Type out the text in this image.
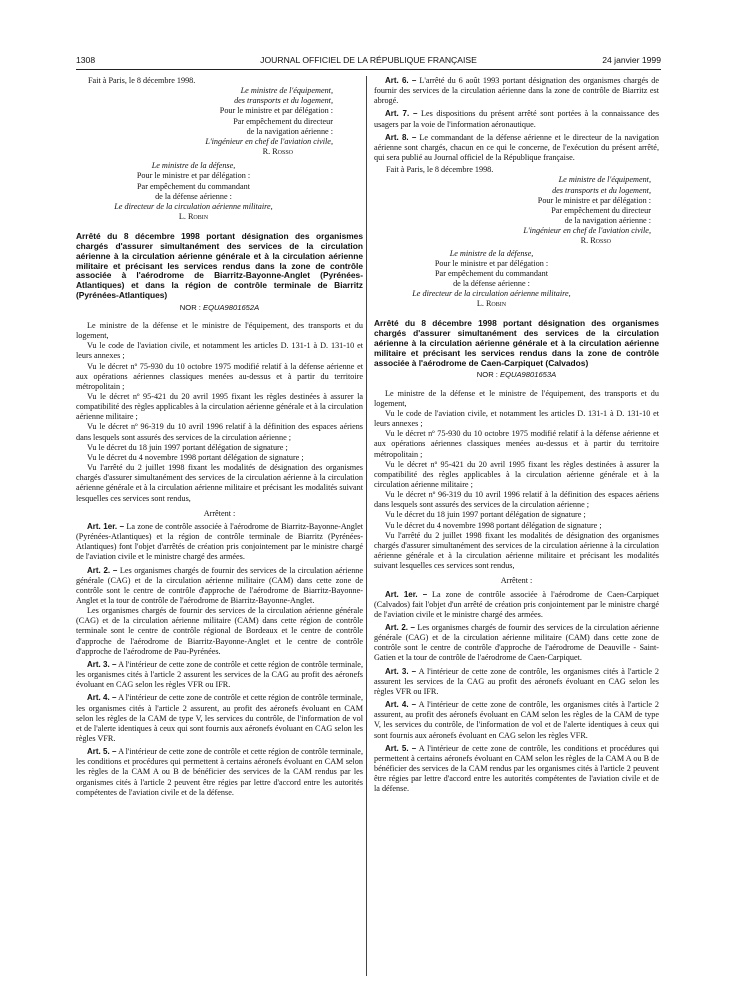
1308	JOURNAL OFFICIEL DE LA RÉPUBLIQUE FRANÇAISE	24 janvier 1999

Fait à Paris, le 8 décembre 1998.

Le ministre de l'équipement,
des transports et du logement,
Pour le ministre et par délégation :
Par empêchement du directeur
de la navigation aérienne :
L'ingénieur en chef de l'aviation civile,
R. Rosso
Le ministre de la défense,
Pour le ministre et par délégation :
Par empêchement du commandant
de la défense aérienne :
Le directeur de la circulation aérienne militaire,
L. Robin

Arrêté du 8 décembre 1998 portant désignation des organismes chargés d'assurer simultanément des services de la circulation aérienne à la circulation aérienne générale et à la circulation aérienne militaire et précisant les services rendus dans la zone de contrôle associée à l'aérodrome de Biarritz-Bayonne-Anglet (Pyrénées-Atlantiques) et dans la région de contrôle terminale de Biarritz (Pyrénées-Atlantiques)

NOR : EQUA9801652A

Le ministre de la défense et le ministre de l'équipement, des transports et du logement,

Vu le code de l'aviation civile, et notamment les articles D. 131-1 à D. 131-10 et leurs annexes ;

Vu le décret nº 75-930 du 10 octobre 1975 modifié relatif à la défense aérienne et aux opérations aériennes classiques menées au-dessus et à partir du territoire métropolitain ;

Vu le décret nº 95-421 du 20 avril 1995 fixant les règles destinées à assurer la compatibilité des règles applicables à la circulation aérienne générale et à la circulation aérienne militaire ;

Vu le décret nº 96-319 du 10 avril 1996 relatif à la définition des espaces aériens dans lesquels sont assurés des services de la circulation aérienne ;

Vu le décret du 18 juin 1997 portant délégation de signature ;

Vu le décret du 4 novembre 1998 portant délégation de signature ;

Vu l'arrêté du 2 juillet 1998 fixant les modalités de désignation des organismes chargés d'assurer simultanément des services de la circulation aérienne à la circulation aérienne générale et à la circulation aérienne militaire et précisant les modalités suivant lesquelles ces services sont rendus,

Arrêtent :

Art. 1er. – La zone de contrôle associée à l'aérodrome de Biarritz-Bayonne-Anglet (Pyrénées-Atlantiques) et la région de contrôle terminale de Biarritz (Pyrénées-Atlantiques) font l'objet d'arrêtés de création pris conjointement par le ministre chargé de l'aviation civile et le ministre chargé des armées.

Art. 2. – Les organismes chargés de fournir des services de la circulation aérienne générale (CAG) et de la circulation aérienne militaire (CAM) dans cette zone de contrôle sont le centre de contrôle d'approche de l'aérodrome de Biarritz-Bayonne-Anglet et la tour de contrôle de l'aérodrome de Biarritz-Bayonne-Anglet.

Les organismes chargés de fournir des services de la circulation aérienne générale (CAG) et de la circulation aérienne militaire (CAM) dans cette région de contrôle terminale sont le centre de contrôle régional de Bordeaux et le centre de contrôle d'approche de l'aérodrome de Biarritz-Bayonne-Anglet et le centre de contrôle d'approche de l'aérodrome de Pau-Pyrénées.

Art. 3. – A l'intérieur de cette zone de contrôle et cette région de contrôle terminale, les organismes cités à l'article 2 assurent les services de la CAG au profit des aéronefs évoluant en CAG selon les règles VFR ou IFR.

Art. 4. – A l'intérieur de cette zone de contrôle et cette région de contrôle terminale, les organismes cités à l'article 2 assurent, au profit des aéronefs évoluant en CAM selon les règles de la CAM de type V, les services du contrôle, de l'information de vol et de l'alerte identiques à ceux qui sont fournis aux aéronefs évoluant en CAG selon les règles VFR.

Art. 5. – A l'intérieur de cette zone de contrôle et cette région de contrôle terminale, les conditions et procédures qui permettent à certains aéronefs évoluant en CAM selon les règles de la CAM A ou B de bénéficier des services de la CAM rendus par les organismes cités à l'article 2 peuvent être régies par lettre d'accord entre les autorités compétentes de l'aviation civile et de la défense.

Art. 6. – L'arrêté du 6 août 1993 portant désignation des organismes chargés de fournir des services de la circulation aérienne dans la zone de contrôle de Biarritz est abrogé.

Art. 7. – Les dispositions du présent arrêté sont portées à la connaissance des usagers par la voie de l'information aéronautique.

Art. 8. – Le commandant de la défense aérienne et le directeur de la navigation aérienne sont chargés, chacun en ce qui le concerne, de l'exécution du présent arrêté, qui sera publié au Journal officiel de la République française.

Fait à Paris, le 8 décembre 1998.

Le ministre de l'équipement,
des transports et du logement,
Pour le ministre et par délégation :
Par empêchement du directeur
de la navigation aérienne :
L'ingénieur en chef de l'aviation civile,
R. Rosso
Le ministre de la défense,
Pour le ministre et par délégation :
Par empêchement du commandant
de la défense aérienne :
Le directeur de la circulation aérienne militaire,
L. Robin

Arrêté du 8 décembre 1998 portant désignation des organismes chargés d'assurer simultanément des services de la circulation aérienne à la circulation aérienne générale et à la circulation aérienne militaire et précisant les services rendus dans la zone de contrôle associée à l'aérodrome de Caen-Carpiquet (Calvados)

NOR : EQUA9801653A

Le ministre de la défense et le ministre de l'équipement, des transports et du logement,

Vu le code de l'aviation civile, et notamment les articles D. 131-1 à D. 131-10 et leurs annexes ;

Vu le décret nº 75-930 du 10 octobre 1975 modifié relatif à la défense aérienne et aux opérations aériennes classiques menées au-dessus et à partir du territoire métropolitain ;

Vu le décret nº 95-421 du 20 avril 1995 fixant les règles destinées à assurer la compatibilité des règles applicables à la circulation aérienne générale et à la circulation aérienne militaire ;

Vu le décret nº 96-319 du 10 avril 1996 relatif à la définition des espaces aériens dans lesquels sont assurés des services de la circulation aérienne ;

Vu le décret du 18 juin 1997 portant délégation de signature ;

Vu le décret du 4 novembre 1998 portant délégation de signature ;

Vu l'arrêté du 2 juillet 1998 fixant les modalités de désignation des organismes chargés d'assurer simultanément des services de la circulation aérienne à la circulation aérienne générale et à la circulation aérienne militaire et précisant les modalités suivant lesquelles ces services sont rendus,

Arrêtent :

Art. 1er. – La zone de contrôle associée à l'aérodrome de Caen-Carpiquet (Calvados) fait l'objet d'un arrêté de création pris conjointement par le ministre chargé de l'aviation civile et le ministre chargé des armées.

Art. 2. – Les organismes chargés de fournir des services de la circulation aérienne générale (CAG) et de la circulation aérienne militaire (CAM) dans cette zone de contrôle sont le centre de contrôle d'approche de l'aérodrome de Deauville - Saint-Gatien et la tour de contrôle de l'aérodrome de Caen-Carpiquet.

Art. 3. – A l'intérieur de cette zone de contrôle, les organismes cités à l'article 2 assurent les services de la CAG au profit des aéronefs évoluant en CAG selon les règles VFR ou IFR.

Art. 4. – A l'intérieur de cette zone de contrôle, les organismes cités à l'article 2 assurent, au profit des aéronefs évoluant en CAM selon les règles de la CAM de type V, les services du contrôle, de l'information de vol et de l'alerte identiques à ceux qui sont fournis aux aéronefs évoluant en CAG selon les règles VFR.

Art. 5. – A l'intérieur de cette zone de contrôle, les conditions et procédures qui permettent à certains aéronefs évoluant en CAM selon les règles de la CAM A ou B de bénéficier des services de la CAM rendus par les organismes cités à l'article 2 peuvent être régies par lettre d'accord entre les autorités compétentes de l'aviation civile et de la défense.
